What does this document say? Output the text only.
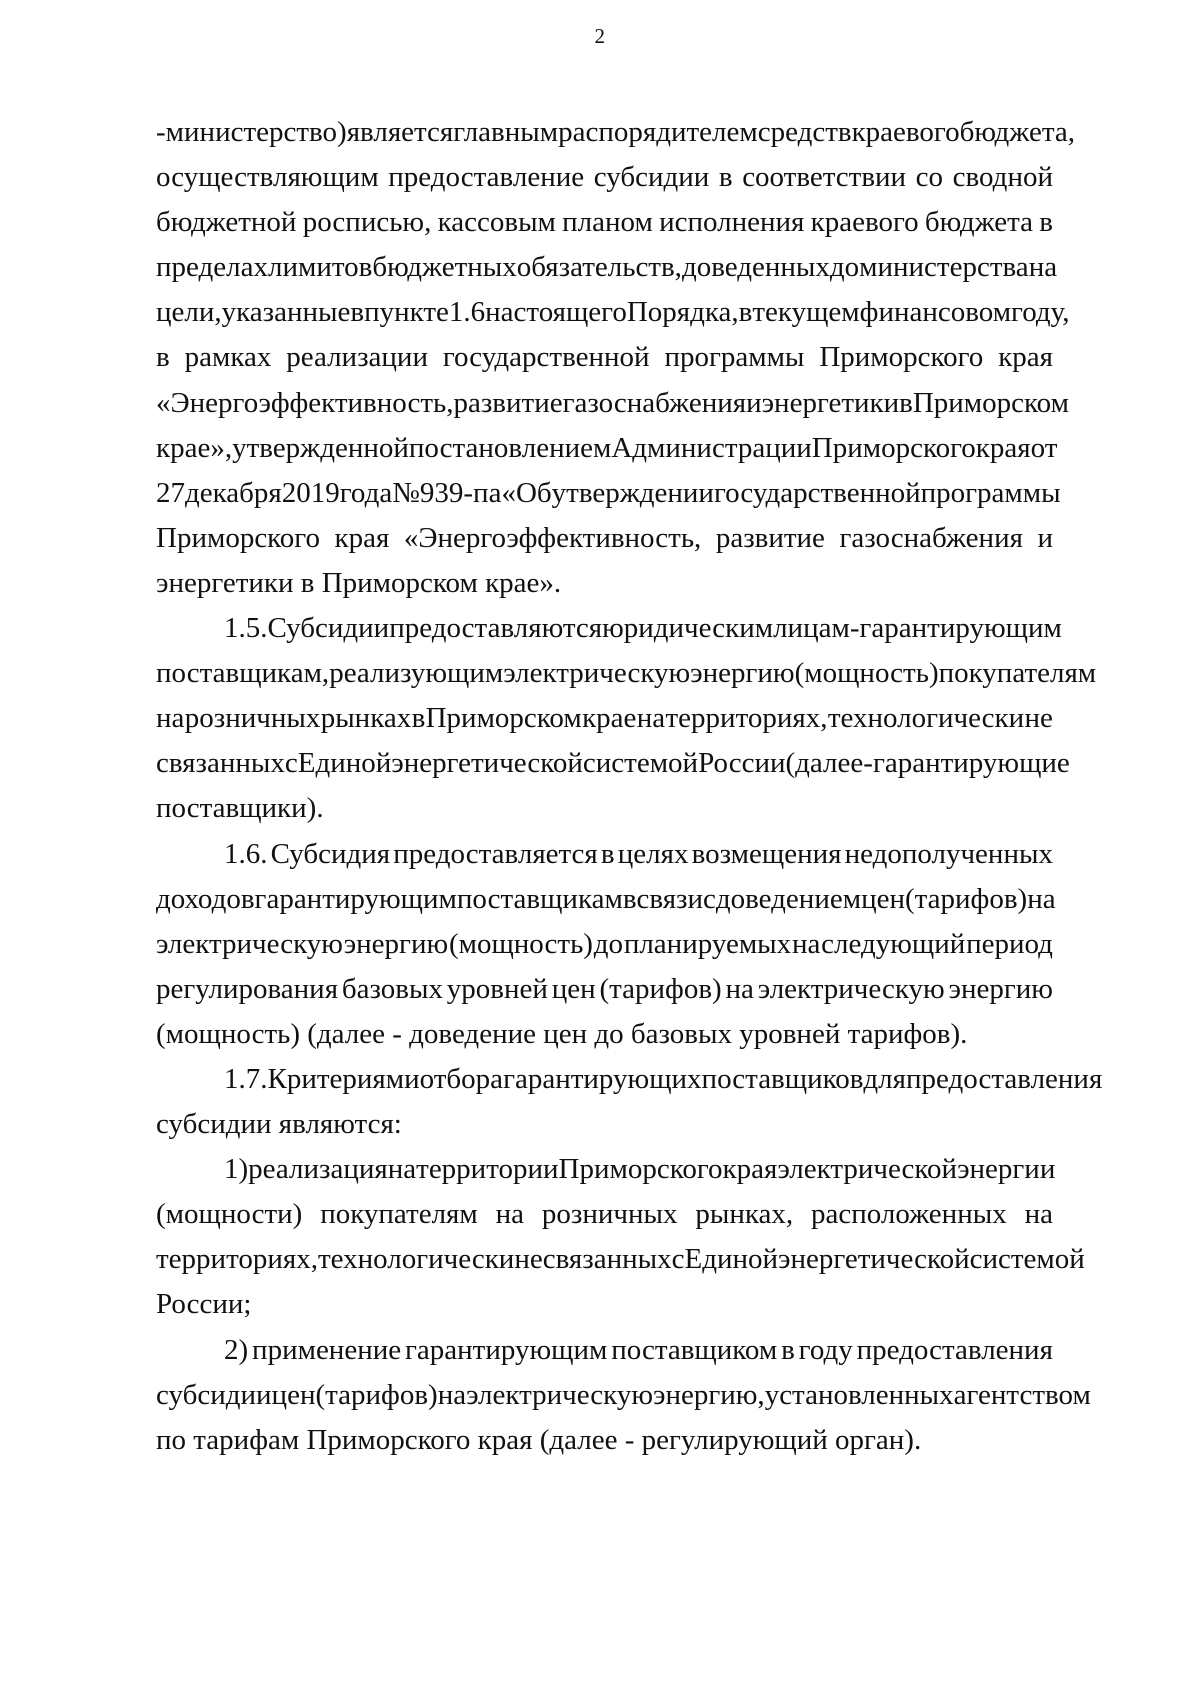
2
- министерство) является главным распорядителем средств краевого бюджета,
осуществляющим предоставление субсидии в соответствии со сводной
бюджетной росписью, кассовым планом исполнения краевого бюджета в
пределах лимитов бюджетных обязательств, доведенных до министерства на
цели, указанные в пункте 1.6 настоящего Порядка, в текущем финансовом году,
в рамках реализации государственной программы Приморского края
«Энергоэффективность, развитие газоснабжения и энергетики в Приморском
крае», утвержденной постановлением Администрации Приморского края от
27 декабря 2019 года № 939-па «Об утверждении государственной программы
Приморского края «Энергоэффективность, развитие газоснабжения и
энергетики в Приморском крае».
1.5. Субсидии предоставляются юридическим лицам - гарантирующим
поставщикам, реализующим электрическую энергию (мощность) покупателям
на розничных рынках в Приморском крае на территориях, технологически не
связанных с Единой энергетической системой России (далее - гарантирующие
поставщики).
1.6. Субсидия предоставляется в целях возмещения недополученных
доходов гарантирующим поставщикам в связи с доведением цен (тарифов) на
электрическую энергию (мощность) до планируемых на следующий период
регулирования базовых уровней цен (тарифов) на электрическую энергию
(мощность) (далее - доведение цен до базовых уровней тарифов).
1.7. Критериями отбора гарантирующих поставщиков для предоставления
субсидии являются:
1) реализация на территории Приморского края электрической энергии
(мощности) покупателям на розничных рынках, расположенных на
территориях, технологически не связанных с Единой энергетической системой
России;
2) применение гарантирующим поставщиком в году предоставления
субсидии цен (тарифов) на электрическую энергию, установленных агентством
по тарифам Приморского края (далее - регулирующий орган).
